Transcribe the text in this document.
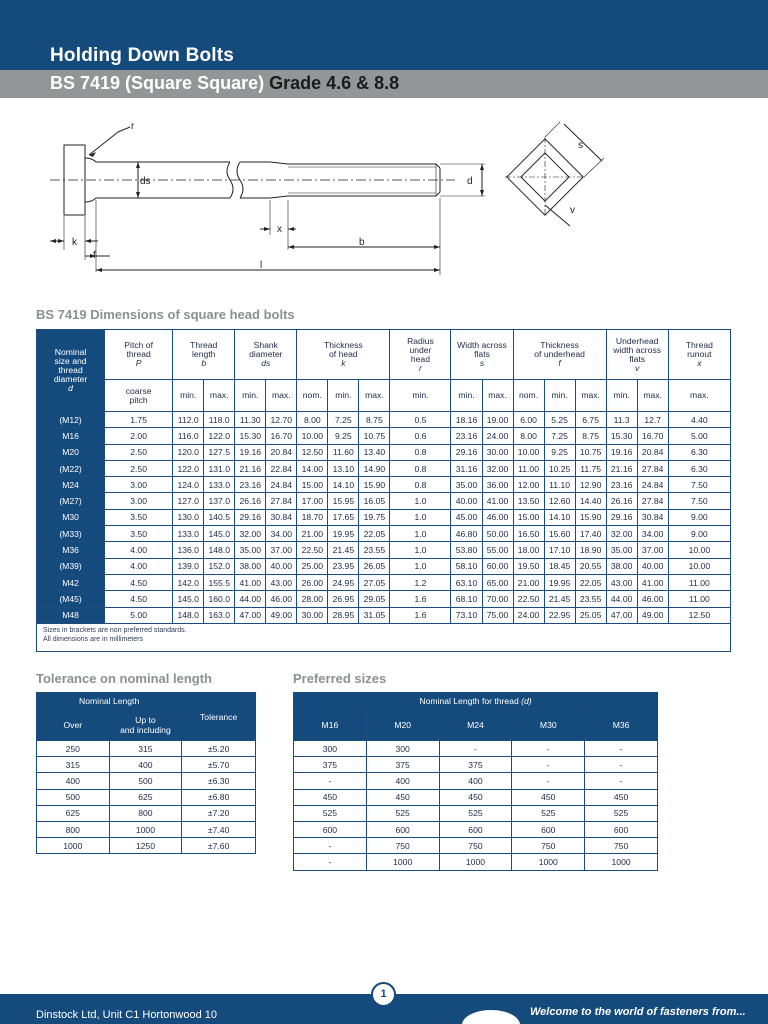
Holding Down Bolts
BS 7419 (Square Square) Grade 4.6 & 8.8
r
ds	d
k
f
x
b
l
s
v
BS 7419 Dimensions of square head bolts
Nominal
size and
thread
diameter
d	Pitch of
thread
P	Thread
length
b		Shank
diameter
ds		Thickness
of head
k			Radius
under
head
r	Width across
flats
s		Thickness
of underhead
f			Underhead
width across
flats
v		Thread
runout
x
	coarse
pitch	min.	max.	min.	max.	nom.	min.	max.	min.	min.	max.	nom.	min.	max.	min.	max.	max.
(M12)	1.75	112.0	118.0	11.30	12.70	8.00	7.25	8.75	0.5	18.16	19.00	6.00	5.25	6.75	11.3	12.7	4.40
M16	2.00	116.0	122.0	15.30	16.70	10.00	9.25	10.75	0.6	23.16	24.00	8.00	7.25	8.75	15.30	16.70	5.00
M20	2.50	120.0	127.5	19.16	20.84	12.50	11.60	13.40	0.8	29.16	30.00	10.00	9.25	10.75	19.16	20.84	6.30
(M22)	2.50	122.0	131.0	21.16	22.84	14.00	13.10	14.90	0.8	31.16	32.00	11.00	10.25	11.75	21.16	27.84	6.30
M24	3.00	124.0	133.0	23.16	24.84	15.00	14.10	15.90	0.8	35.00	36.00	12.00	11.10	12.90	23.16	24.84	7.50
(M27)	3.00	127.0	137.0	26.16	27.84	17.00	15.95	16.05	1.0	40.00	41.00	13.50	12.60	14.40	26.16	27.84	7.50
M30	3.50	130.0	140.5	29.16	30.84	18.70	17.65	19.75	1.0	45.00	46.00	15.00	14.10	15.90	29.16	30.84	9.00
(M33)	3.50	133.0	145.0	32.00	34.00	21.00	19.95	22.05	1.0	46.80	50.00	16.50	15.60	17.40	32.00	34.00	9.00
M36	4.00	136.0	148.0	35.00	37.00	22.50	21.45	23.55	1.0	53.80	55.00	18.00	17.10	18.90	35.00	37.00	10.00
(M39)	4.00	139.0	152.0	38.00	40.00	25.00	23.95	26.05	1.0	58.10	60.00	19.50	18.45	20.55	38.00	40.00	10.00
M42	4.50	142.0	155.5	41.00	43.00	26.00	24.95	27.05	1.2	63.10	65.00	21.00	19.95	22.05	43.00	41.00	11.00
(M45)	4.50	145.0	160.0	44.00	46.00	28.00	26.95	29.05	1.6	68.10	70.00	22.50	21.45	23.55	44.00	46.00	11.00
M48	5.00	148.0	163.0	47.00	49.00	30.00	28.95	31.05	1.6	73.10	75.00	24.00	22.95	25.05	47.00	49.00	12.50
Sizes in brackets are non preferred standards.
All dimensions are in millimeters																	
Tolerance on nominal length
Nominal Length		Tolerance
Over	Up to
and including	
250	315	±5.20
315	400	±5.70
400	500	±6.30
500	625	±6.80
625	800	±7.20
800	1000	±7.40
1000	1250	±7.60
Preferred sizes
Nominal Length for thread (d)				
M16	M20	M24	M30	M36
300	300	-	-	-
375	375	375	-	-
-	400	400	-	-
450	450	450	450	450
525	525	525	525	525
600	600	600	600	600
-	750	750	750	750
-	1000	1000	1000	1000
Dinstock Ltd, Unit C1 Hortonwood 10	Welcome to the world of fasteners from...
1
